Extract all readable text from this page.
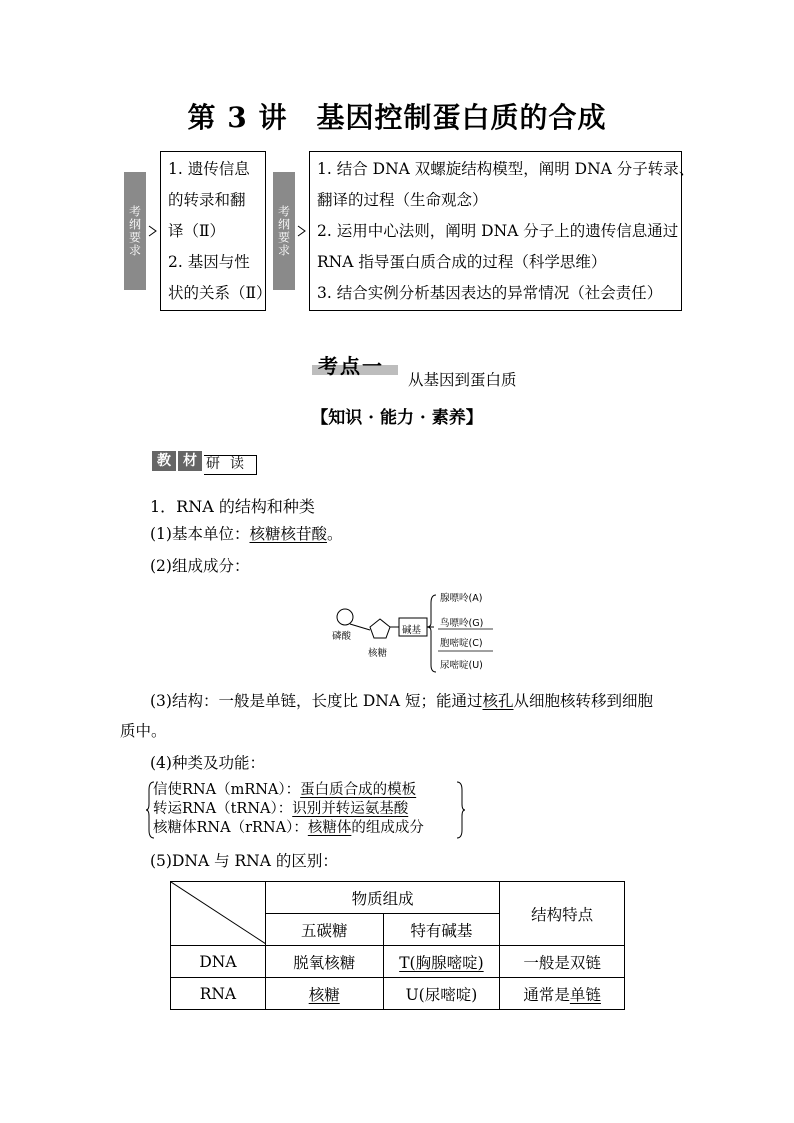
第 3 讲　基因控制蛋白质的合成
考纲要求
1. 遗传信息
的转录和翻
译（Ⅱ）
2. 基因与性
状的关系（Ⅱ）
考纲要求
1. 结合 DNA 双螺旋结构模型，阐明 DNA 分子转录、
翻译的过程（生命观念）
2. 运用中心法则，阐明 DNA 分子上的遗传信息通过
RNA 指导蛋白质合成的过程（科学思维）
3. 结合实例分析基因表达的异常情况（社会责任）
考点一
从基因到蛋白质
【知识 · 能力 · 素养】
教 材 研 读
1．RNA 的结构和种类
(1)基本单位：核糖核苷酸。
(2)组成成分：
磷酸
核糖
碱基
腺嘌呤(A)
鸟嘌呤(G)
胞嘧啶(C)
尿嘧啶(U)
(3)结构：一般是单链，长度比 DNA 短；能通过核孔从细胞核转移到细胞
质中。
(4)种类及功能：
信使RNA（mRNA）：蛋白质合成的模板
转运RNA（tRNA）：识别并转运氨基酸
核糖体RNA（rRNA）：核糖体的组成成分
(5)DNA 与 RNA 的区别：
	物质组成		结构特点
	五碳糖	特有碱基	
DNA	脱氧核糖	T(胸腺嘧啶)	一般是双链
RNA	核糖	U(尿嘧啶)	通常是单链
